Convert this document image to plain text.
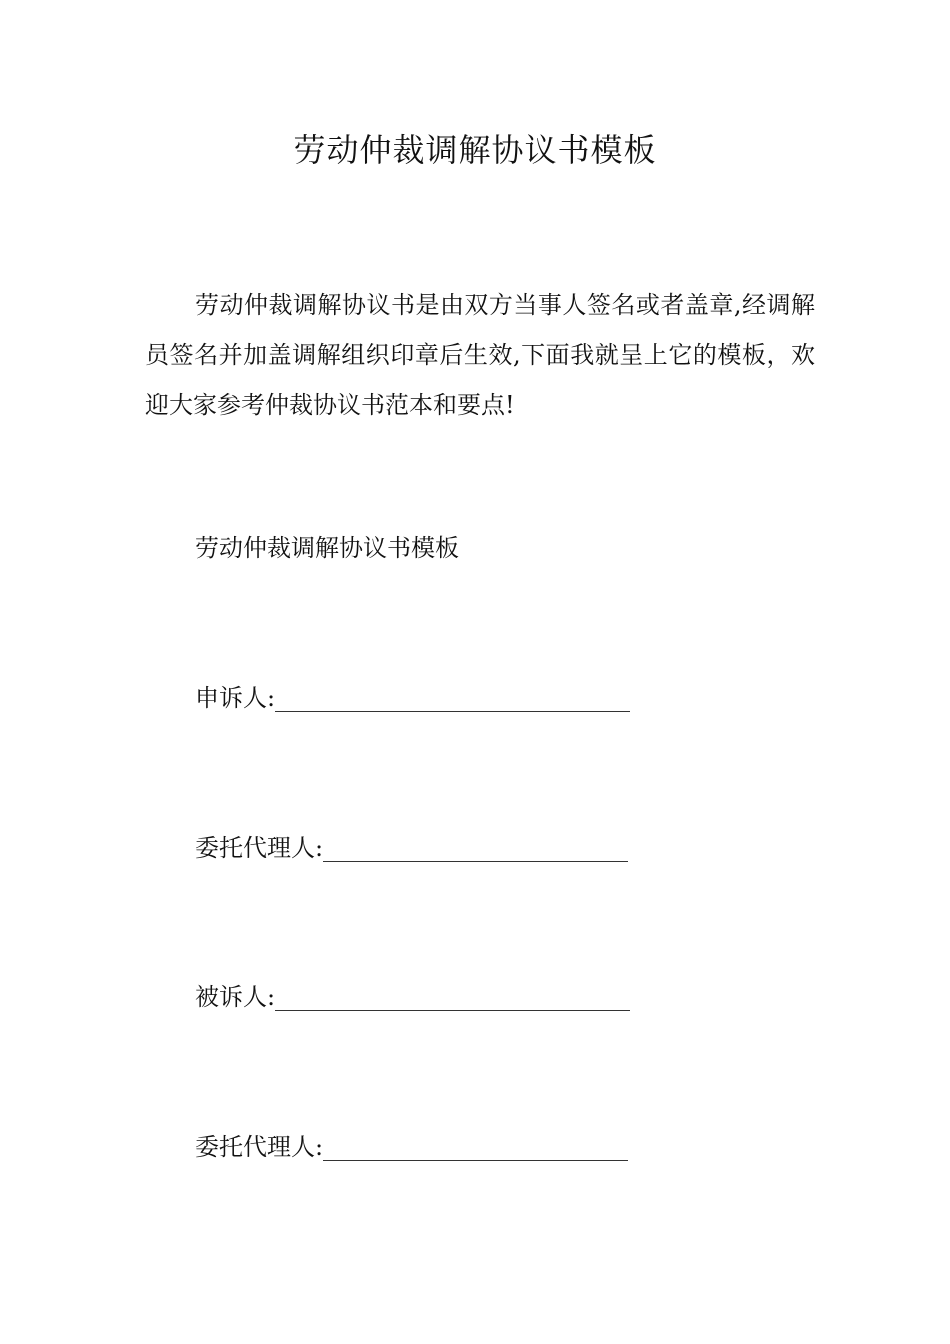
劳动仲裁调解协议书模板

劳动仲裁调解协议书是由双方当事人签名或者盖章,经调解员签名并加盖调解组织印章后生效,下面我就呈上它的模板，欢迎大家参考仲裁协议书范本和要点!

劳动仲裁调解协议书模板

申诉人:
委托代理人:
被诉人:
委托代理人:
